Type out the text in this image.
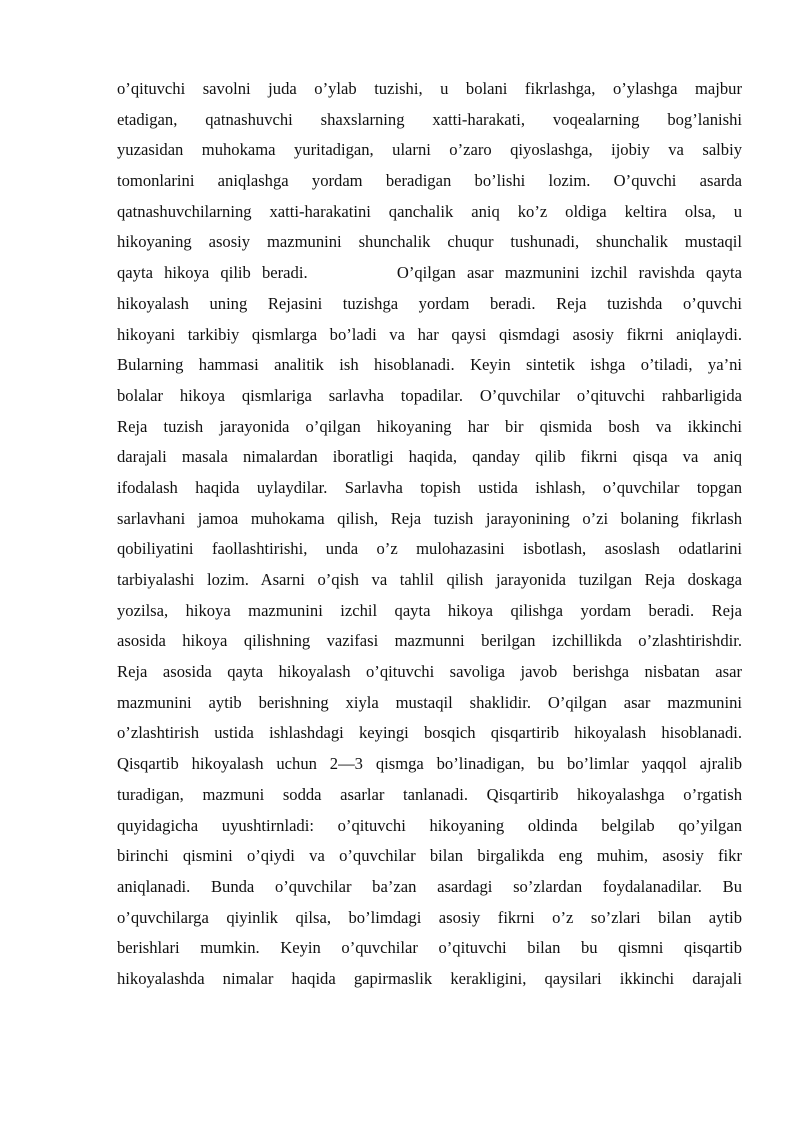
o’qituvchi savolni juda o’ylab tuzishi, u bolani fikrlashga, o’ylashga majbur
etadigan, qatnashuvchi shaxslarning xatti-harakati, voqealarning bog’lanishi
yuzasidan muhokama yuritadigan, ularni o’zaro qiyoslashga, ijobiy va salbiy
tomonlarini aniqlashga yordam beradigan bo’lishi lozim. O’quvchi asarda
qatnashuvchilarning xatti-harakatini qanchalik aniq ko’z oldiga keltira olsa, u
hikoyaning asosiy mazmunini shunchalik chuqur tushunadi, shunchalik mustaqil
qayta hikoya qilib beradi.        O’qilgan asar mazmunini izchil ravishda qayta
hikoyalash uning Rejasini tuzishga yordam beradi. Reja tuzishda o’quvchi
hikoyani tarkibiy qismlarga bo’ladi va har qaysi qismdagi asosiy fikrni aniqlaydi.
Bularning hammasi analitik ish hisoblanadi. Keyin sintetik ishga o’tiladi, ya’ni
bolalar hikoya qismlariga sarlavha topadilar. O’quvchilar o’qituvchi rahbarligida
Reja tuzish jarayonida o’qilgan hikoyaning har bir qismida bosh va ikkinchi
darajali masala nimalardan iboratligi haqida, qanday qilib fikrni qisqa va aniq
ifodalash haqida uylaydilar. Sarlavha topish ustida ishlash, o’quvchilar topgan
sarlavhani jamoa muhokama qilish, Reja tuzish jarayonining o’zi bolaning fikrlash
qobiliyatini faollashtirishi, unda o’z mulohazasini isbotlash, asoslash odatlarini
tarbiyalashi lozim. Asarni o’qish va tahlil qilish jarayonida tuzilgan Reja doskaga
yozilsa, hikoya mazmunini izchil qayta hikoya qilishga yordam beradi. Reja
asosida hikoya qilishning vazifasi mazmunni berilgan izchillikda o’zlashtirishdir.
Reja asosida qayta hikoyalash o’qituvchi savoliga javob berishga nisbatan asar
mazmunini aytib berishning xiyla mustaqil shaklidir. O’qilgan asar mazmunini
o’zlashtirish ustida ishlashdagi keyingi bosqich qisqartirib hikoyalash hisoblanadi.
Qisqartib hikoyalash uchun 2—3 qismga bo’linadigan, bu bo’limlar yaqqol ajralib
turadigan, mazmuni sodda asarlar tanlanadi. Qisqartirib hikoyalashga o’rgatish
quyidagicha uyushtirnladi: o’qituvchi hikoyaning oldinda belgilab qo’yilgan
birinchi qismini o’qiydi va o’quvchilar bilan birgalikda eng muhim, asosiy fikr
aniqlanadi. Bunda o’quvchilar ba’zan asardagi so’zlardan foydalanadilar. Bu
o’quvchilarga qiyinlik qilsa, bo’limdagi asosiy fikrni o’z so’zlari bilan aytib
berishlari mumkin. Keyin o’quvchilar o’qituvchi bilan bu qismni qisqartib
hikoyalashda nimalar haqida gapirmaslik kerakligini, qaysilari ikkinchi darajali
